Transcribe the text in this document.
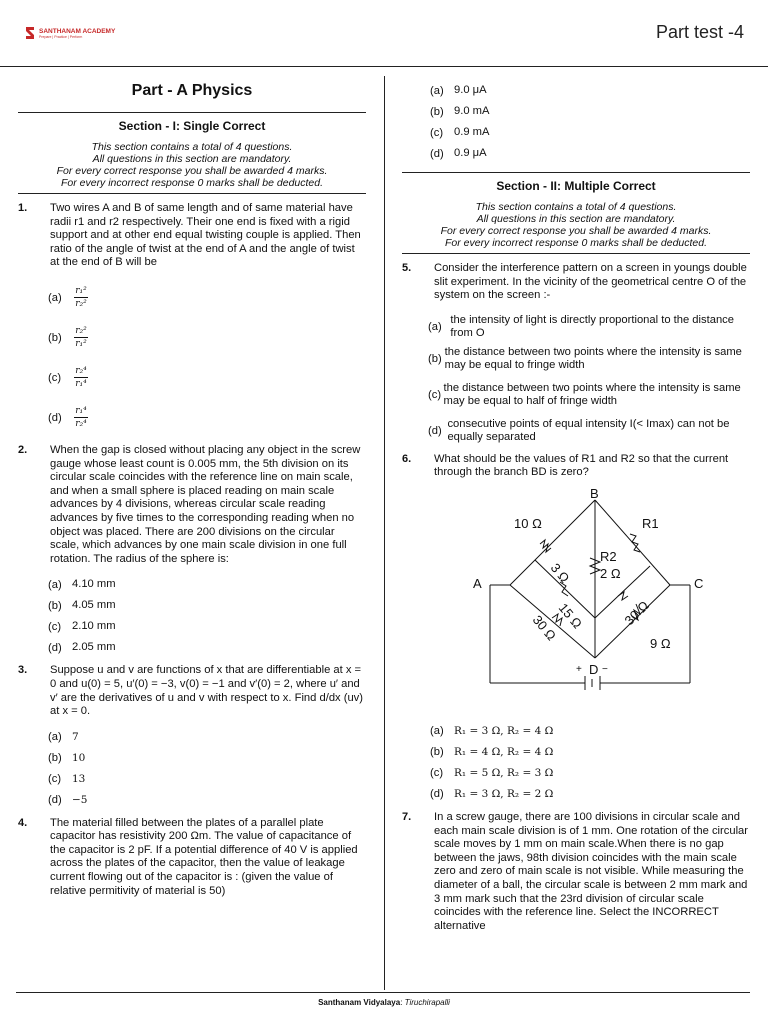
SANTHANAM ACADEMY
Prepare | Practice | Perform	Part test -4
Part - A Physics
Section - I: Single Correct
This section contains a total of 4 questions.
All questions in this section are mandatory.
For every correct response you shall be awarded 4 marks.
For every incorrect response 0 marks shall be deducted.
1.	Two wires A and B of same length and of same material have radii r1 and r2 respectively. Their one end is fixed with a rigid support and at other end equal twisting couple is applied. Then ratio of the angle of twist at the end of A and the angle of twist at the end of B will be
(a)	$\frac{\text{r₁²}}{\text{r₂²}}$
(b)	$\frac{\text{r₂²}}{\text{r₁²}}$
(c)	$\frac{\text{r₂⁴}}{\text{r₁⁴}}$
(d)	$\frac{\text{r₁⁴}}{\text{r₂⁴}}$
2.	When the gap is closed without placing any object in the screw gauge whose least count is 0.005 mm, the 5th division on its circular scale coincides with the reference line on main scale, and when a small sphere is placed reading on main scale advances by 4 divisions, whereas circular scale reading advances by five times to the corresponding reading when no object was placed. There are 200 divisions on the circular scale, which advances by one main scale division in one full rotation. The radius of the sphere is:
(a) 4.10 mm
(b) 4.05 mm
(c) 2.10 mm
(d) 2.05 mm
3.	Suppose u and v are functions of x that are differentiable at x = 0 and u(0) = 5, u′(0) = −3, v(0) = −1 and v′(0) = 2, where u′ and v′ are the derivatives of u and v with respect to x. Find d/dx (uv) at x = 0.
(a) 7
(b) 10
(c)	13
(d) −5
4.	The material filled between the plates of a parallel plate capacitor has resistivity 200 Ωm. The value of capacitance of the capacitor is 2 pF. If a potential difference of 40 V is applied across the plates of the capacitor, then the value of leakage current flowing out of the capacitor is : (given the value of relative permitivity of material is 50)
(a) 9.0 μA
(b) 9.0 mA
(c) 0.9 mA
(d) 0.9 μA
Section - II: Multiple Correct
This section contains a total of 4 questions.
All questions in this section are mandatory.
For every correct response you shall be awarded 4 marks.
For every incorrect response 0 marks shall be deducted.
5.	Consider the interference pattern on a screen in youngs double slit experiment. In the vicinity of the geometrical centre O of the system on the screen :-
(a)
the intensity of light is directly proportional to the distance from O
(b)
the distance between two points where the intensity is same may be equal to fringe width
(c)
the distance between two points where the intensity is same may be equal to half of fringe width
(d)
consecutive points of equal intensity I(< Imax) can not be equally separated
6.	What should be the values of R1 and R2 so that the current through the branch BD is zero?
B
A	C
D
10 Ω	R1
R2
2 Ω
3 Ω
15 Ω
30 Ω	30 Ω
9 Ω
+ −
(a) R₁ = 3 Ω, R₂ = 4 Ω
(b) R₁ = 4 Ω, R₂ = 4 Ω
(c)	R₁ = 5 Ω, R₂ = 3 Ω
(d) R₁ = 3 Ω, R₂ = 2 Ω
7.	In a screw gauge, there are 100 divisions in circular scale and each main scale division is of 1 mm. One rotation of the circular scale moves by 1 mm on main scale.When there is no gap between the jaws, 98th division coincides with the main scale zero and zero of main scale is not visible. While measuring the diameter of a ball, the circular scale is between 2 mm mark and 3 mm mark such that the 23rd division of circular scale coincides with the reference line. Select the INCORRECT alternative
Santhanam Vidyalaya: Tiruchirapalli
